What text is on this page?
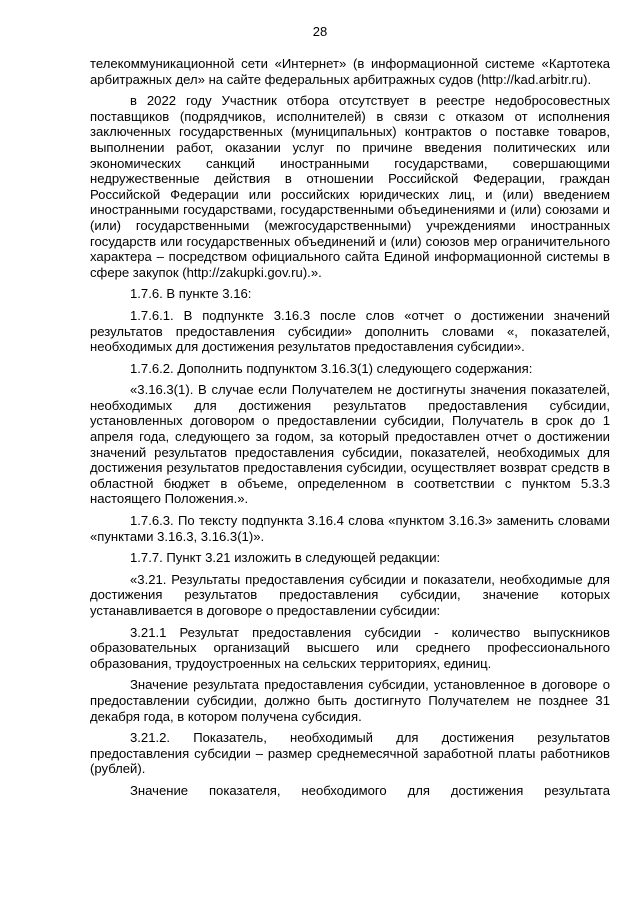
28

телекоммуникационной сети «Интернет» (в информационной системе «Картотека арбитражных дел» на сайте федеральных арбитражных судов (http://kad.arbitr.ru).

в 2022 году Участник отбора отсутствует в реестре недобросовестных поставщиков (подрядчиков, исполнителей) в связи с отказом от исполнения заключенных государственных (муниципальных) контрактов о поставке товаров, выполнении работ, оказании услуг по причине введения политических или экономических санкций иностранными государствами, совершающими недружественные действия в отношении Российской Федерации, граждан Российской Федерации или российских юридических лиц, и (или) введением иностранными государствами, государственными объединениями и (или) союзами и (или) государственными (межгосударственными) учреждениями иностранных государств или государственных объединений и (или) союзов мер ограничительного характера – посредством официального сайта Единой информационной системы в сфере закупок (http://zakupki.gov.ru).».

1.7.6. В пункте 3.16:

1.7.6.1. В подпункте 3.16.3 после слов «отчет о достижении значений результатов предоставления субсидии» дополнить словами «, показателей, необходимых для достижения результатов предоставления субсидии».

1.7.6.2. Дополнить подпунктом 3.16.3(1) следующего содержания:

«3.16.3(1). В случае если Получателем не достигнуты значения показателей, необходимых для достижения результатов предоставления субсидии, установленных договором о предоставлении субсидии, Получатель в срок до 1 апреля года, следующего за годом, за который предоставлен отчет о достижении значений результатов предоставления субсидии, показателей, необходимых для достижения результатов предоставления субсидии, осуществляет возврат средств в областной бюджет в объеме, определенном в соответствии с пунктом 5.3.3 настоящего Положения.».

1.7.6.3. По тексту подпункта 3.16.4 слова «пунктом 3.16.3» заменить словами «пунктами 3.16.3, 3.16.3(1)».

1.7.7. Пункт 3.21 изложить в следующей редакции:

«3.21. Результаты предоставления субсидии и показатели, необходимые для достижения результатов предоставления субсидии, значение которых устанавливается в договоре о предоставлении субсидии:

3.21.1 Результат предоставления субсидии - количество выпускников образовательных организаций высшего или среднего профессионального образования, трудоустроенных на сельских территориях, единиц.

Значение результата предоставления субсидии, установленное в договоре о предоставлении субсидии, должно быть достигнуто Получателем не позднее 31 декабря года, в котором получена субсидия.

3.21.2. Показатель, необходимый для достижения результатов предоставления субсидии – размер среднемесячной заработной платы работников (рублей).

Значение показателя, необходимого для достижения результата
